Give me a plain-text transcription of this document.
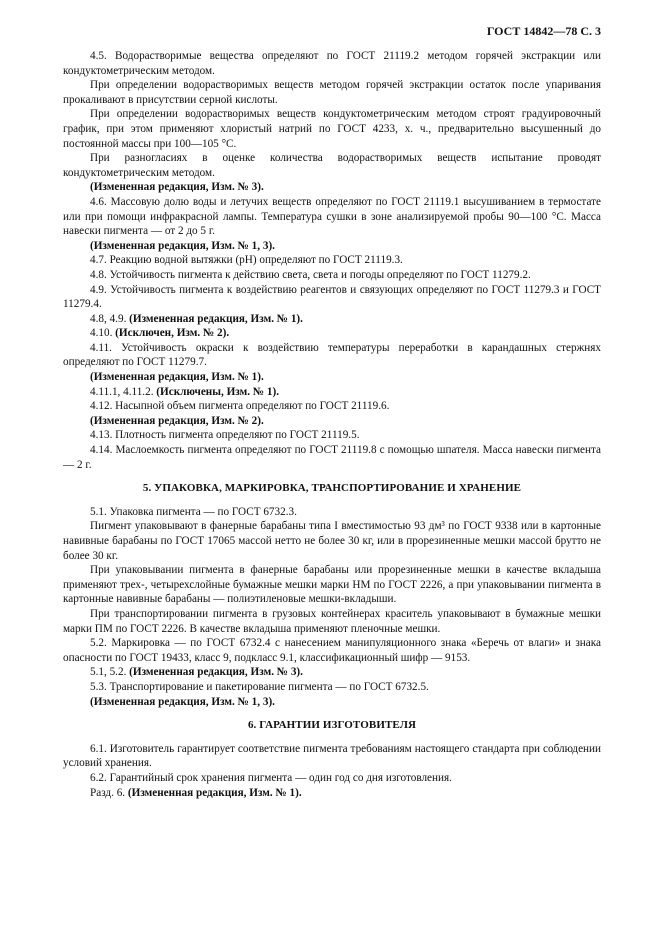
ГОСТ 14842—78 С. 3

4.5. Водорастворимые вещества определяют по ГОСТ 21119.2 методом горячей экстракции или кондуктометрическим методом.

При определении водорастворимых веществ методом горячей экстракции остаток после упаривания прокаливают в присутствии серной кислоты.

При определении водорастворимых веществ кондуктометрическим методом строят градуировочный график, при этом применяют хлористый натрий по ГОСТ 4233, х. ч., предварительно высушенный до постоянной массы при 100—105 °С.

При разногласиях в оценке количества водорастворимых веществ испытание проводят кондуктометрическим методом.

(Измененная редакция, Изм. № 3).

4.6. Массовую долю воды и летучих веществ определяют по ГОСТ 21119.1 высушиванием в термостате или при помощи инфракрасной лампы. Температура сушки в зоне анализируемой пробы 90—100 °С. Масса навески пигмента — от 2 до 5 г.

(Измененная редакция, Изм. № 1, 3).

4.7. Реакцию водной вытяжки (рН) определяют по ГОСТ 21119.3.

4.8. Устойчивость пигмента к действию света, света и погоды определяют по ГОСТ 11279.2.

4.9. Устойчивость пигмента к воздействию реагентов и связующих определяют по ГОСТ 11279.3 и ГОСТ 11279.4.

4.8, 4.9. (Измененная редакция, Изм. № 1).

4.10. (Исключен, Изм. № 2).

4.11. Устойчивость окраски к воздействию температуры переработки в карандашных стержнях определяют по ГОСТ 11279.7.

(Измененная редакция, Изм. № 1).

4.11.1, 4.11.2. (Исключены, Изм. № 1).

4.12. Насыпной объем пигмента определяют по ГОСТ 21119.6.

(Измененная редакция, Изм. № 2).

4.13. Плотность пигмента определяют по ГОСТ 21119.5.

4.14. Маслоемкость пигмента определяют по ГОСТ 21119.8 с помощью шпателя. Масса навески пигмента — 2 г.

5. УПАКОВКА, МАРКИРОВКА, ТРАНСПОРТИРОВАНИЕ И ХРАНЕНИЕ

5.1. Упаковка пигмента — по ГОСТ 6732.3.

Пигмент упаковывают в фанерные барабаны типа I вместимостью 93 дм³ по ГОСТ 9338 или в картонные навивные барабаны по ГОСТ 17065 массой нетто не более 30 кг, или в прорезиненные мешки массой брутто не более 30 кг.

При упаковывании пигмента в фанерные барабаны или прорезиненные мешки в качестве вкладыша применяют трех-, четырехслойные бумажные мешки марки НМ по ГОСТ 2226, а при упаковывании пигмента в картонные навивные барабаны — полиэтиленовые мешки-вкладыши.

При транспортировании пигмента в грузовых контейнерах краситель упаковывают в бумажные мешки марки ПМ по ГОСТ 2226. В качестве вкладыша применяют пленочные мешки.

5.2. Маркировка — по ГОСТ 6732.4 с нанесением манипуляционного знака «Беречь от влаги» и знака опасности по ГОСТ 19433, класс 9, подкласс 9.1, классификационный шифр — 9153.

5.1, 5.2. (Измененная редакция, Изм. № 3).

5.3. Транспортирование и пакетирование пигмента — по ГОСТ 6732.5.

(Измененная редакция, Изм. № 1, 3).

6. ГАРАНТИИ ИЗГОТОВИТЕЛЯ

6.1. Изготовитель гарантирует соответствие пигмента требованиям настоящего стандарта при соблюдении условий хранения.

6.2. Гарантийный срок хранения пигмента — один год со дня изготовления.

Разд. 6. (Измененная редакция, Изм. № 1).
